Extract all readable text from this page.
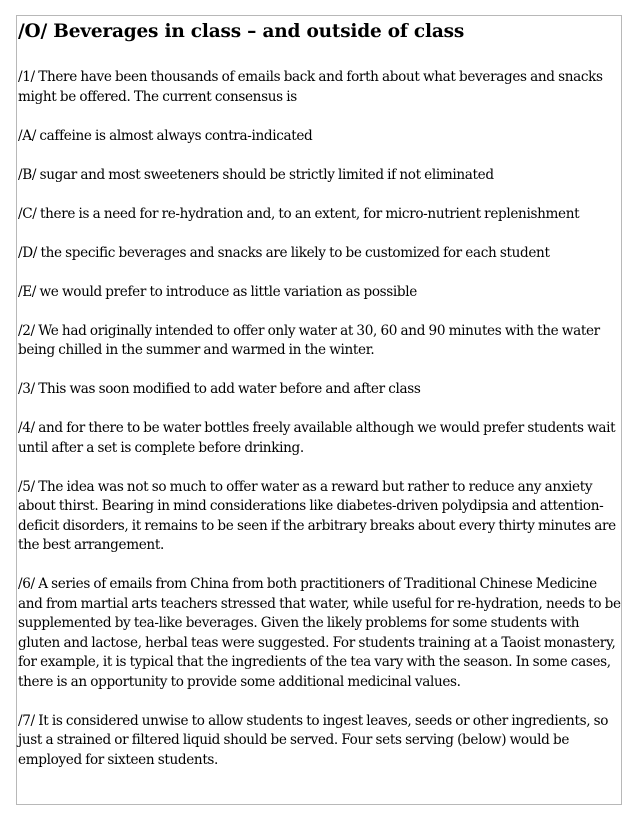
/O/ Beverages in class – and outside of class

/1/ There have been thousands of emails back and forth about what beverages and snacks might be offered. The current consensus is

/A/ caffeine is almost always contra-indicated

/B/ sugar and most sweeteners should be strictly limited if not eliminated

/C/ there is a need for re-hydration and, to an extent, for micro-nutrient replenishment

/D/ the specific beverages and snacks are likely to be customized for each student

/E/ we would prefer to introduce as little variation as possible

/2/ We had originally intended to offer only water at 30, 60 and 90 minutes with the water being chilled in the summer and warmed in the winter.

/3/ This was soon modified to add water before and after class

/4/ and for there to be water bottles freely available although we would prefer students wait until after a set is complete before drinking.

/5/ The idea was not so much to offer water as a reward but rather to reduce any anxiety about thirst. Bearing in mind considerations like diabetes-driven polydipsia and attention-deficit disorders, it remains to be seen if the arbitrary breaks about every thirty minutes are the best arrangement.

/6/ A series of emails from China from both practitioners of Traditional Chinese Medicine and from martial arts teachers stressed that water, while useful for re-hydration, needs to be supplemented by tea-like beverages. Given the likely problems for some students with gluten and lactose, herbal teas were suggested. For students training at a Taoist monastery, for example, it is typical that the ingredients of the tea vary with the season. In some cases, there is an opportunity to provide some additional medicinal values.

/7/ It is considered unwise to allow students to ingest leaves, seeds or other ingredients, so just a strained or filtered liquid should be served. Four sets serving (below) would be employed for sixteen students.
